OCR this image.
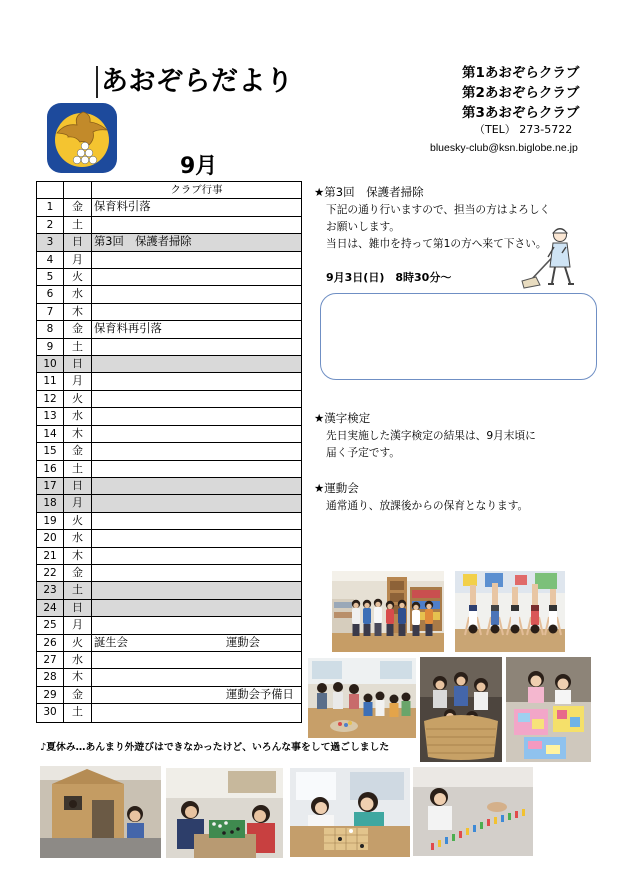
あおぞらだより	第1あおぞらクラブ
第2あおぞらクラブ
第3あおぞらクラブ
（TEL） 273-5722
bluesky-club@ksn.biglobe.ne.jp
9月
クラブ行事
1	金 保育料引落
2	土
3	日 第3回　保護者掃除
4	月
5	火
6	水
7	木
8	金 保育料再引落
9	土
10	日
11	月
12	火
13	水
14	木
15	金
16	土
17	日
18	月
19	火
20	水
21	木
22	金
23	土
24	日
25	月
26	火 誕生会	運動会
27	水
28	木
29	金	運動会予備日
30	土
★第3回　保護者掃除
下記の通り行いますので、担当の方はよろしく
お願いします。
当日は、雑巾を持って第1の方へ来て下さい。
9月3日(日)　8時30分～
★漢字検定
先日実施した漢字検定の結果は、9月末頃に
届く予定です。
★運動会
通常通り、放課後からの保育となります。
♪夏休み…あんまり外遊びはできなかったけど、いろんな事をして過ごしました
